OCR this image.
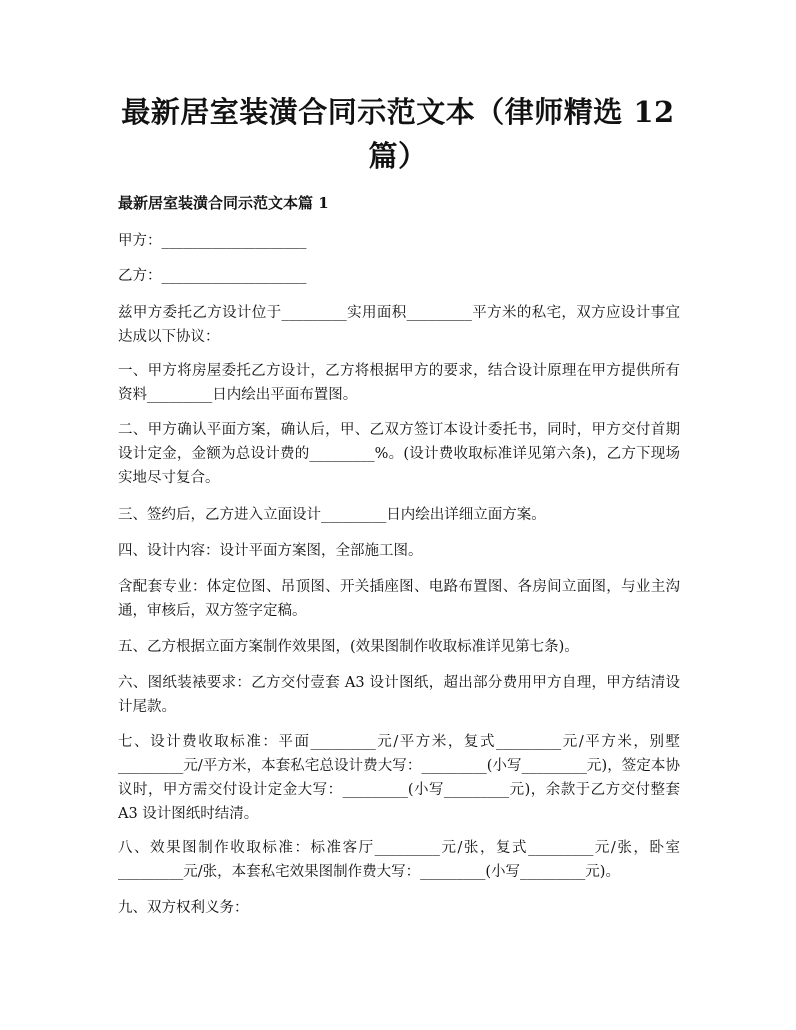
最新居室装潢合同示范文本（律师精选 12 篇）
最新居室装潢合同示范文本篇 1
甲方：____________________
乙方：____________________
兹甲方委托乙方设计位于_________实用面积_________平方米的私宅，双方应设计事宜达成以下协议：
一、甲方将房屋委托乙方设计，乙方将根据甲方的要求，结合设计原理在甲方提供所有资料_________日内绘出平面布置图。
二、甲方确认平面方案，确认后，甲、乙双方签订本设计委托书，同时，甲方交付首期设计定金，金额为总设计费的_________%。(设计费收取标准详见第六条)，乙方下现场实地尽寸复合。
三、签约后，乙方进入立面设计_________日内绘出详细立面方案。
四、设计内容：设计平面方案图，全部施工图。
含配套专业：体定位图、吊顶图、开关插座图、电路布置图、各房间立面图，与业主沟通，审核后，双方签字定稿。
五、乙方根据立面方案制作效果图，(效果图制作收取标准详见第七条)。
六、图纸装裱要求：乙方交付壹套 A3 设计图纸，超出部分费用甲方自理，甲方结清设计尾款。
七、设计费收取标准：平面_________元/平方米，复式_________元/平方米，别墅_________元/平方米，本套私宅总设计费大写：_________(小写_________元)，签定本协议时，甲方需交付设计定金大写：_________(小写_________元)，余款于乙方交付整套 A3 设计图纸时结清。
八、效果图制作收取标准：标准客厅_________元/张，复式_________元/张，卧室_________元/张，本套私宅效果图制作费大写：_________(小写_________元)。
九、双方权利义务：
